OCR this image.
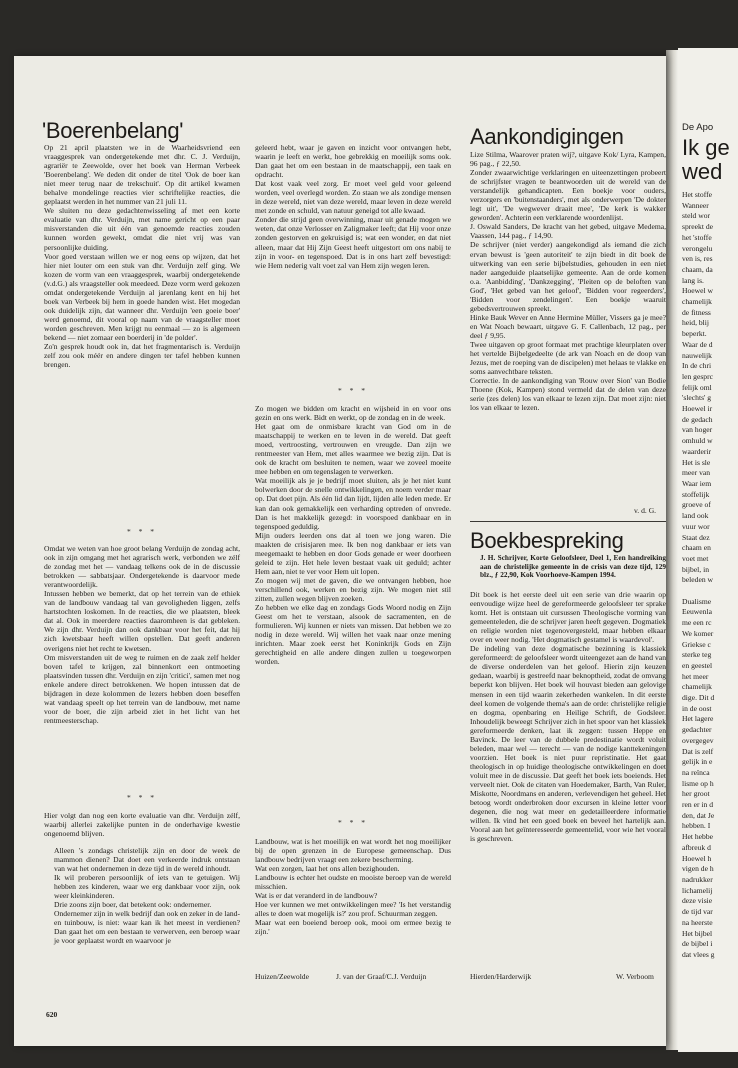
'Boerenbelang'
Op 21 april plaatsten we in de Waarheidsvriend een vraaggesprek van ondergetekende met dhr. C. J. Verduijn, agrariër te Zeewolde, over het boek van Herman Verbeek 'Boerenbelang'. We deden dit onder de titel 'Ook de boer kan niet meer terug naar de trekschuit'. Op dit artikel kwamen behalve mondelinge reacties vier schriftelijke reacties, die geplaatst werden in het nummer van 21 juli 11.
We sluiten nu deze gedachtenwisseling af met een korte evaluatie van dhr. Verduijn, met name gericht op een paar misverstanden die uit één van genoemde reacties zouden kunnen worden gewekt, omdat die niet vrij was van persoonlijke duiding.
Voor goed verstaan willen we er nog eens op wijzen, dat het hier niet louter om een stuk van dhr. Verduijn zelf ging. We kozen de vorm van een vraaggesprek, waarbij ondergetekende (v.d.G.) als vraagsteller ook meedeed. Deze vorm werd gekozen omdat ondergetekende Verduijn al jarenlang kent en hij het boek van Verbeek bij hem in goede handen wist. Het mogedan ook duidelijk zijn, dat wanneer dhr. Verduijn 'een goeie boer' werd genoemd, dit vooral op naam van de vraagsteller moet worden geschreven. Men krijgt nu eenmaal — zo is algemeen bekend — niet zomaar een boerderij in 'de polder'.
Zo'n gesprek houdt ook in, dat het fragmentarisch is. Verduijn zelf zou ook méér en andere dingen ter tafel hebben kunnen brengen.
* * *
Omdat we weten van hoe groot belang Verduijn de zondag acht, ook in zijn omgang met het agrarisch werk, verbonden we zélf de zondag met het — vandaag telkens ook de in de discussie betrokken — sabbatsjaar. Ondergetekende is daarvoor mede verantwoordelijk.
Intussen hebben we bemerkt, dat op het terrein van de ethiek van de landbouw vandaag tal van gevoligheden liggen, zelfs hartstochten loskomen. In de reacties, die we plaatsten, bleek dat al. Ook in meerdere reacties daaromheen is dat gebleken. We zijn dhr. Verduijn dan ook dankbaar voor het feit, dat hij zich kwetsbaar heeft willen opstellen. Dat geeft anderen overigens niet het recht te kwetsen.
Om misverstanden uit de weg te ruimen en de zaak zelf helder boven tafel te krijgen, zal binnenkort een ontmoeting plaatsvinden tussen dhr. Verduijn en zijn 'critici', samen met nog enkele andere direct betrokkenen. We hopen intussen dat de bijdragen in deze kolommen de lezers hebben doen beseffen wat vandaag speelt op het terrein van de landbouw, met name voor de boer, die zijn arbeid ziet in het licht van het rentmeesterschap.
* * *
Hier volgt dan nog een korte evaluatie van dhr. Verduijn zélf, waarbij allerlei zakelijke punten in de onderhavige kwestie ongenoemd blijven.
Alleen 's zondags christelijk zijn en door de week de mammon dienen? Dat doet een verkeerde indruk ontstaan van wat het ondernemen in deze tijd in de wereld inhoudt.
Ik wil proberen persoonlijk of iets van te getuigen. Wij hebben zes kinderen, waar we erg dankbaar voor zijn, ook weer kleinkinderen.
Drie zoons zijn boer, dat betekent ook: ondernemer.
Ondernemer zijn in welk bedrijf dan ook en zeker in de land- en tuinbouw, is niet: waar kan ik het meest in verdienen? Dan gaat het om een bestaan te verwerven, een beroep waar je voor geplaatst wordt en waarvoor je
geleerd hebt, waar je gaven en inzicht voor ontvangen hebt, waarin je leeft en werkt, hoe gebrekkig en moeilijk soms ook. Dan gaat het om een bestaan in de maatschappij, een taak en opdracht.
Dat kost vaak veel zorg. Er moet veel geld voor geleend worden, veel overlegd worden. Zo staan we als zondige mensen in deze wereld, niet van deze wereld, maar leven in deze wereld met zonde en schuld, van natuur geneigd tot alle kwaad.
Zonder die strijd geen overwinning, maar uit genade mogen we weten, dat onze Verlosser en Zaligmaker leeft; dat Hij voor onze zonden gestorven en gekruisigd is; wat een wonder, en dat niet alleen, maar dat Hij Zijn Geest heeft uitgestort om ons nabij te zijn in voor- en tegenspoed. Dat is in ons hart zelf bevestigd: wie Hem nederig valt voet zal van Hem zijn wegen leren.
* * *
Zo mogen we bidden om kracht en wijsheid in en voor ons gezin en ons werk. Bidt en werkt, op de zondag en in de week.
Het gaat om de onmisbare kracht van God om in de maatschappij te werken en te leven in de wereld. Dat geeft moed, vertroosting, vertrouwen en vreugde. Dan zijn we rentmeester van Hem, met alles waarmee we bezig zijn. Dat is ook de kracht om besluiten te nemen, waar we zoveel moeite mee hebben en om tegenslagen te verwerken.
Wat moeilijk als je je bedrijf moet sluiten, als je het niet kunt bolwerken door de snelle ontwikkelingen, en noem verder maar op. Dat doet pijn. Als één lid dan lijdt, lijden alle leden mede. Er kan dan ook gemakkelijk een verharding optreden of onvrede. Dan is het makkelijk gezegd: in voorspoed dankbaar en in tegenspoed geduldig.
Mijn ouders leerden ons dat al toen we jong waren. Die maakten de crisisjaren mee. Ik ben nog dankbaar er iets van meegemaakt te hebben en door Gods genade er weer doorheen geleid te zijn. Het hele leven bestaat vaak uit geduld; achter Hem aan, niet te ver voor Hem uit lopen.
Zo mogen wij met de gaven, die we ontvangen hebben, hoe verschillend ook, werken en bezig zijn. We mogen niet stil zitten, zullen wegen blijven zoeken.
Zo hebben we elke dag en zondags Gods Woord nodig en Zijn Geest om het te verstaan, alsook de sacramenten, en de formulieren. Wij kunnen er niets van missen. Dat hebben we zo nodig in deze wereld. Wij willen het vaak naar onze mening inrichten. Maar zoek eerst het Koninkrijk Gods en Zijn gerechtigheid en alle andere dingen zullen u toegeworpen worden.
* * *
Landbouw, wat is het moeilijk en wat wordt het nog moeilijker bij de open grenzen in de Europese gemeenschap. Dus landbouw bedrijven vraagt een zekere bescherming.
Wat een zorgen, laat het ons allen bezighouden.
Landbouw is echter het oudste en mooiste beroep van de wereld misschien.
Wat is er dat veranderd in de landbouw?
Hoe ver kunnen we met ontwikkelingen mee? 'Is het verstandig alles te doen wat mogelijk is?' zou prof. Schuurman zeggen.
Maar wat een boeiend beroep ook, mooi om ermee bezig te zijn.'
Huizen/Zeewolde	J. van der Graaf/C.J. Verduijn
Aankondigingen
Lize Stilma, Waarover praten wij?, uitgave Kok/ Lyra, Kampen, 96 pag., ƒ 22,50.
Zonder zwaarwichtige verklaringen en uiteenzettingen probeert de schrijfster vragen te beantwoorden uit de wereld van de verstandelijk gehandicapten. Een boekje voor ouders, verzorgers en 'buitenstaanders', met als onderwerpen 'De dokter legt uit', 'De wegwever draait mee', 'De kerk is wakker geworden'. Achterin een verklarende woordenlijst.
J. Oswald Sanders, De kracht van het gebed, uitgave Medema, Vaassen, 144 pag., ƒ 14,90.
De schrijver (niet verder) aangekondigd als iemand die zich ervan bewust is 'geen autoriteit' te zijn biedt in dit boek de uitwerking van een serie bijbelstudies, gehouden in een niet nader aangeduide plaatselijke gemeente. Aan de orde komen o.a. 'Aanbidding', 'Dankzegging', 'Pleiten op de beloften van God', 'Het gebed van het geloof', 'Bidden voor regeerders', 'Bidden voor zendelingen'. Een boekje waaruit gebedsvertrouwen spreekt.
Hinke Bauk Wever en Anne Hermine Müller, Vissers ga je mee? en Wat Noach bewaart, uitgave G. F. Callenbach, 12 pag., per deel ƒ 9,95.
Twee uitgaven op groot formaat met prachtige kleurplaten over het vertelde Bijbelgedeelte (de ark van Noach en de doop van Jezus, met de roeping van de discipelen) met helaas te vlakke en soms aanvechtbare teksten.
Correctie. In de aankondiging van 'Rouw over Sion' van Bodie Thoene (Kok, Kampen) stond vermeld dat de delen van deze serie (zes delen) los van elkaar te lezen zijn. Dat moet zijn: niet los van elkaar te lezen.
v. d. G.
Boekbespreking
J. H. Schrijver, Korte Geloofsleer, Deel 1, Een handreiking aan de christelijke gemeente in de crisis van deze tijd, 129 blz., ƒ 22,90, Kok Voorhoeve-Kampen 1994.
Dit boek is het eerste deel uit een serie van drie waarin op eenvoudige wijze heel de gereformeerde geloofsleer ter sprake komt. Het is ontstaan uit cursussen Theologische vorming van gemeenteleden, die de schrijver jaren heeft gegeven. Dogmatiek en religie worden niet tegenovergesteld, maar hebben elkaar over en weer nodig. 'Het dogmatisch gestamel is waardevol'.
De indeling van deze dogmatische bezinning is klassiek gereformeerd: de geloofsleer wordt uiteengezet aan de hand van de diverse onderdelen van het geloof. Hierin zijn keuzen gedaan, waarbij is gestreefd naar beknoptheid, zodat de omvang beperkt kon blijven. Het boek wil houvast bieden aan gelovige mensen in een tijd waarin zekerheden wankelen. In dit eerste deel komen de volgende thema's aan de orde: christelijke religie en dogma, openbaring en Heilige Schrift, de Godsleer. Inhoudelijk beweegt Schrijver zich in het spoor van het klassiek gereformeerde denken, laat ik zeggen: tussen Heppe en Bavinck. De leer van de dubbele predestinatie wordt voluit beleden, maar wel — terecht — van de nodige kanttekeningen voorzien. Het boek is niet puur repristinatie. Het gaat theologisch in op huidige theologische ontwikkelingen en doet voluit mee in de discussie. Dat geeft het boek iets boeiends. Het verveelt niet. Ook de citaten van Hoedemaker, Barth, Van Ruler, Miskotte, Noordmans en anderen, verlevendigen het geheel. Het betoog wordt onderbroken door excursen in kleine letter voor degenen, die nog wat meer en gedetailleerdere informatie willen. Ik vind het een goed boek en beveel het hartelijk aan. Vooral aan het geïnteresseerde gemeentelid, voor wie het vooral is geschreven.
Hierden/Harderwijk	W. Verboom
620
De Apo
Ik ge
wed
Het stoffe
Wanneer
steld wor
spreekt de
het 'stoffe
verongelu
ven is, res
chaam, da
lang is.
Hoewel w
chamelijk
de fitness
heid, blij
beperkt.
Waar de d
nauwelijk
In de chri
len gesprc
felijk oml
'slechts' g
Hoewel ir
de gedach
van hoger
omhuld w
waarderir
Het is sle
meer van
Waar iem
stoffelijk
groeve of
land ook
vuur wor
Staat dez
chaam en
voet met
bijbel, in
beleden w

Dualisme
Eeuwenla
me een rc
We komer
Griekse c
sterke teg
en geestel
het meer
chamelijk
dige. Dit d
in de oost
Het lagere
gedachter
overgegev
Dat is zelf
gelijk in e
na reïnca
lisme op h
her groot
ren er in d
den, dat Je
hebben. I
Het hebbe
afbreuk d
Hoewel h
vigen de h
nadrukker
lichamelij
deze visie
de tijd var
na heerste
Het bijbel
de bijbel i
dat vlees g
